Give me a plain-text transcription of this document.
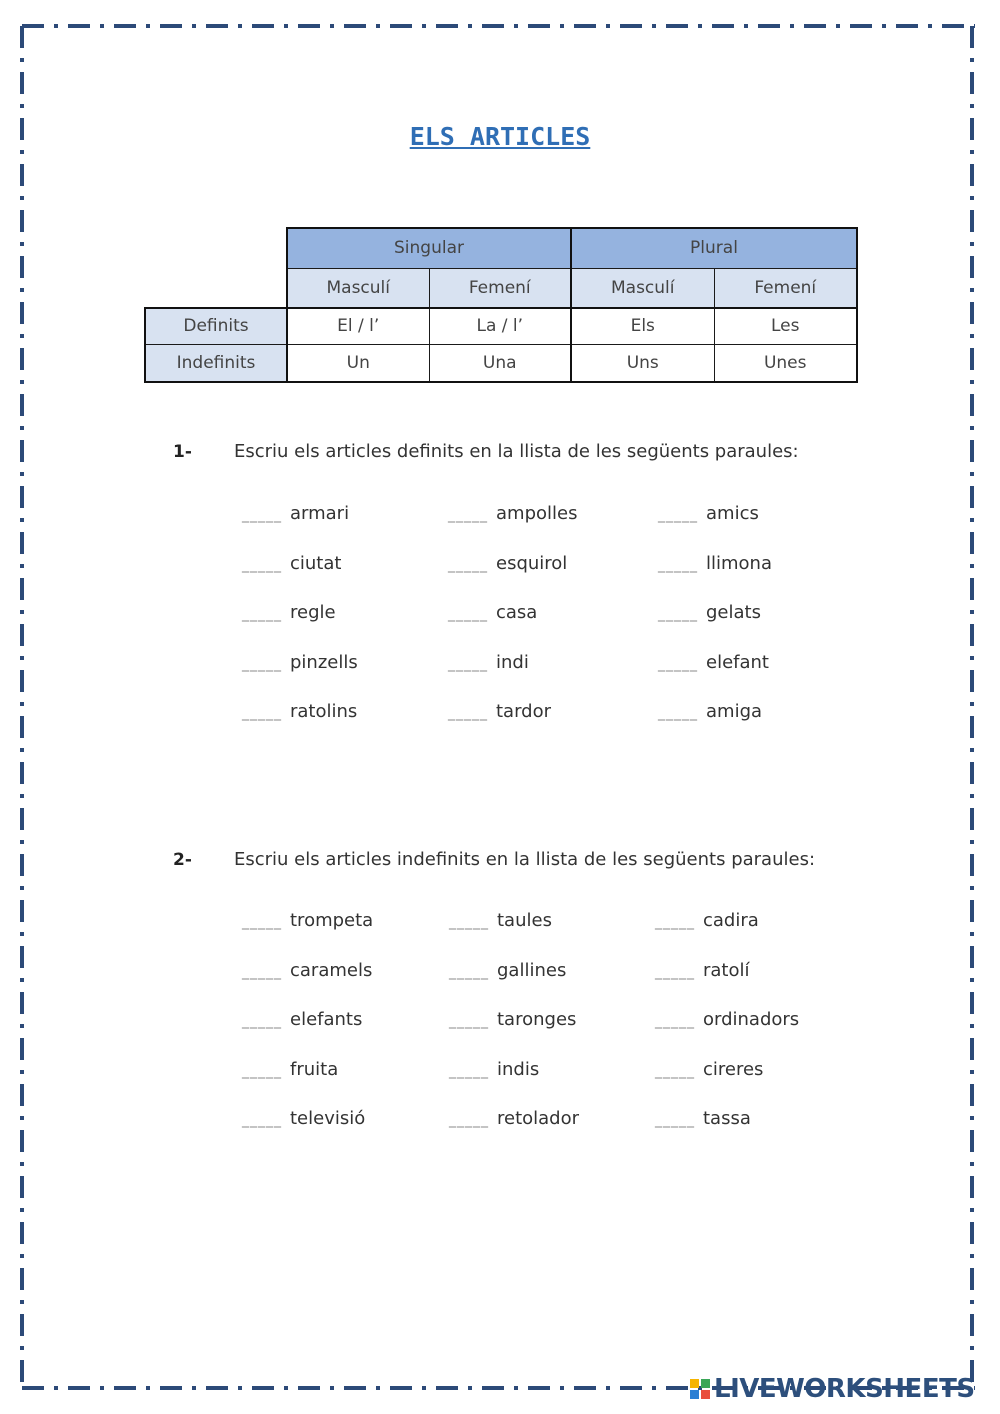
ELS ARTICLES
	Singular		Plural	
	Masculí	Femení	Masculí	Femení
Definits	El / l’	La / l’	Els	Les
Indefinits	Un	Una	Uns	Unes
1- Escriu els articles definits en la llista de les següents paraules:
_____ armari
_____ ciutat
_____ regle
_____ pinzells
_____ ratolins
_____ ampolles
_____ esquirol
_____ casa
_____ indi
_____ tardor
_____ amics
_____ llimona
_____ gelats
_____ elefant
_____ amiga
2- Escriu els articles indefinits en la llista de les següents paraules:
_____ trompeta
_____ caramels
_____ elefants
_____ fruita
_____ televisió
_____ taules
_____ gallines
_____ taronges
_____ indis
_____ retolador
_____ cadira
_____ ratolí
_____ ordinadors
_____ cireres
_____ tassa
LIVEWORKSHEETS
